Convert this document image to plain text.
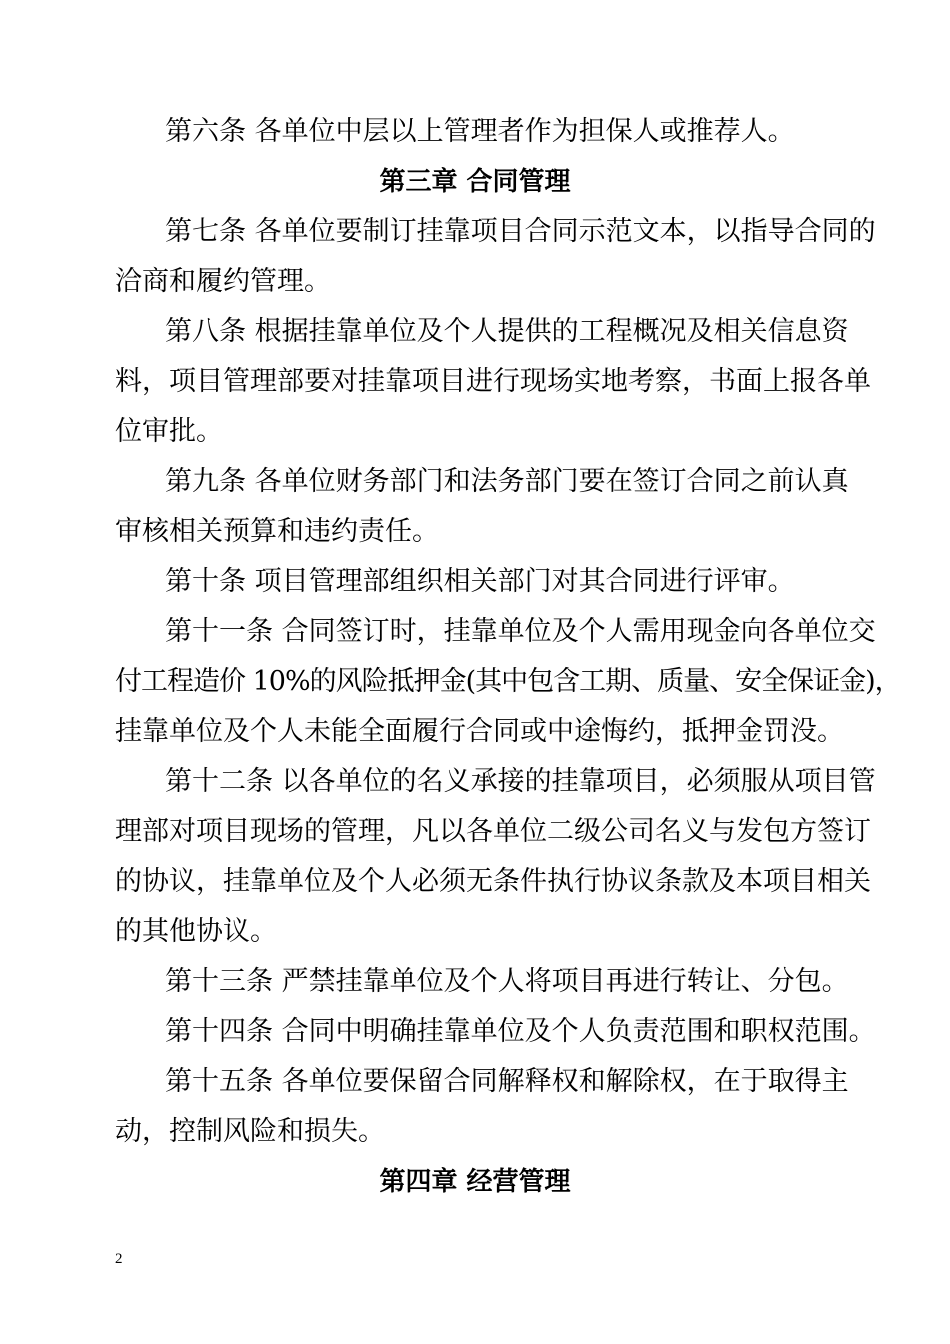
第六条 各单位中层以上管理者作为担保人或推荐人。
第三章 合同管理
第七条 各单位要制订挂靠项目合同示范文本，以指导合同的
洽商和履约管理。
第八条 根据挂靠单位及个人提供的工程概况及相关信息资
料，项目管理部要对挂靠项目进行现场实地考察，书面上报各单
位审批。
第九条 各单位财务部门和法务部门要在签订合同之前认真
审核相关预算和违约责任。
第十条 项目管理部组织相关部门对其合同进行评审。
第十一条 合同签订时，挂靠单位及个人需用现金向各单位交
付工程造价 10%的风险抵押金(其中包含工期、质量、安全保证金)，
挂靠单位及个人未能全面履行合同或中途悔约，抵押金罚没。
第十二条 以各单位的名义承接的挂靠项目，必须服从项目管
理部对项目现场的管理，凡以各单位二级公司名义与发包方签订
的协议，挂靠单位及个人必须无条件执行协议条款及本项目相关
的其他协议。
第十三条 严禁挂靠单位及个人将项目再进行转让、分包。
第十四条 合同中明确挂靠单位及个人负责范围和职权范围。
第十五条 各单位要保留合同解释权和解除权，在于取得主
动，控制风险和损失。
第四章 经营管理
2
